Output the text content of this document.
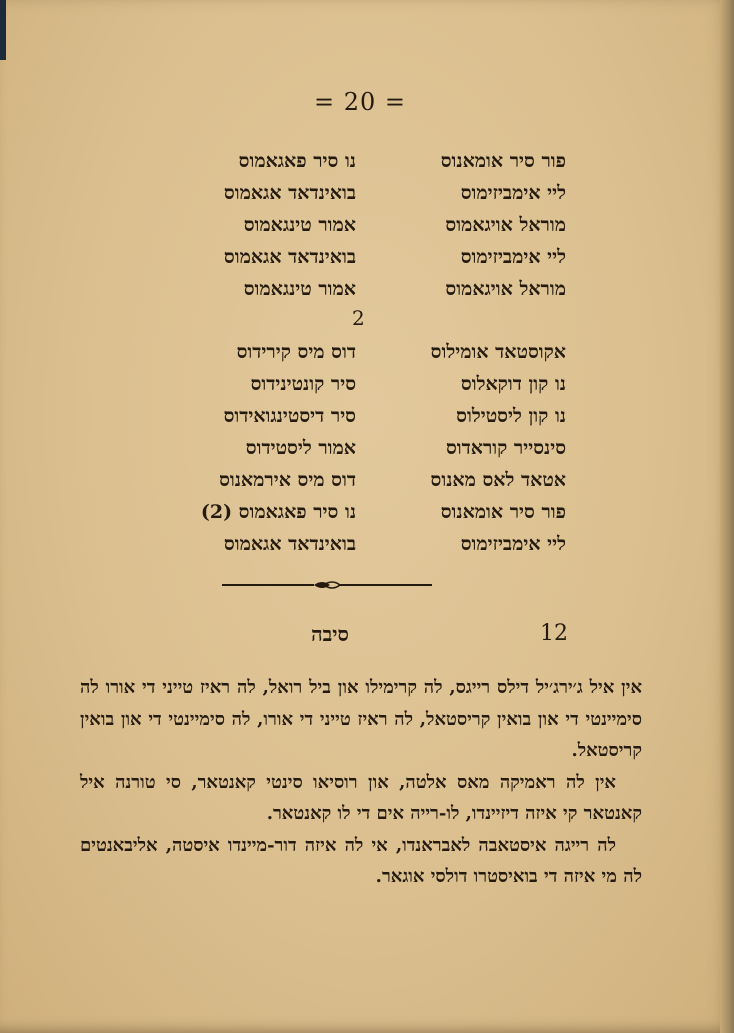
= 20 =
פור סיר אומאנוס
ליי אימביזימוס
מוראל אויגאמוס
ליי אימביזימוס
מוראל אויגאמוס
נו סיר פאגאמוס
בואינדאד אגאמוס
אמור טינגאמוס
בואינדאד אגאמוס
אמור טינגאמוס
2
אקוסטאד אומילוס
נו קון דוקאלוס
נו קון ליסטילוס
סינסייר קוראדוס
אטאד לאס מאנוס
פור סיר אומאנוס
ליי אימביזימוס
דוס מיס קירידוס
סיר קונטינידוס
סיר דיסטינגואידוס
אמור ליסטידוס
דוס מיס אירמאנוס
נו סיר פאגאמוס (2)
בואינדאד אגאמוס
12
סיבה

אין איל ג׳ירג׳יל דילס רייגס, לה קרימילו און ביל רואל, לה ראיז טייני די אורו לה סימיינטי די און בואין קריסטאל, לה ראיז טייני די אורו, לה סימיינטי די און בואין קריסטאל.

אין לה ראמיקה מאס אלטה, און רוסיאו סינטי קאנטאר, סי טורנה איל קאנטאר קי איזה דיזיינדו, לו-רייה אים די לו קאנטאר.

לה רייגה איסטאבה לאבראנדו, אי לה איזה דור-מיינדו איסטה, אליבאנטים לה מי איזה די בואיסטרו דולסי אוגאר.
